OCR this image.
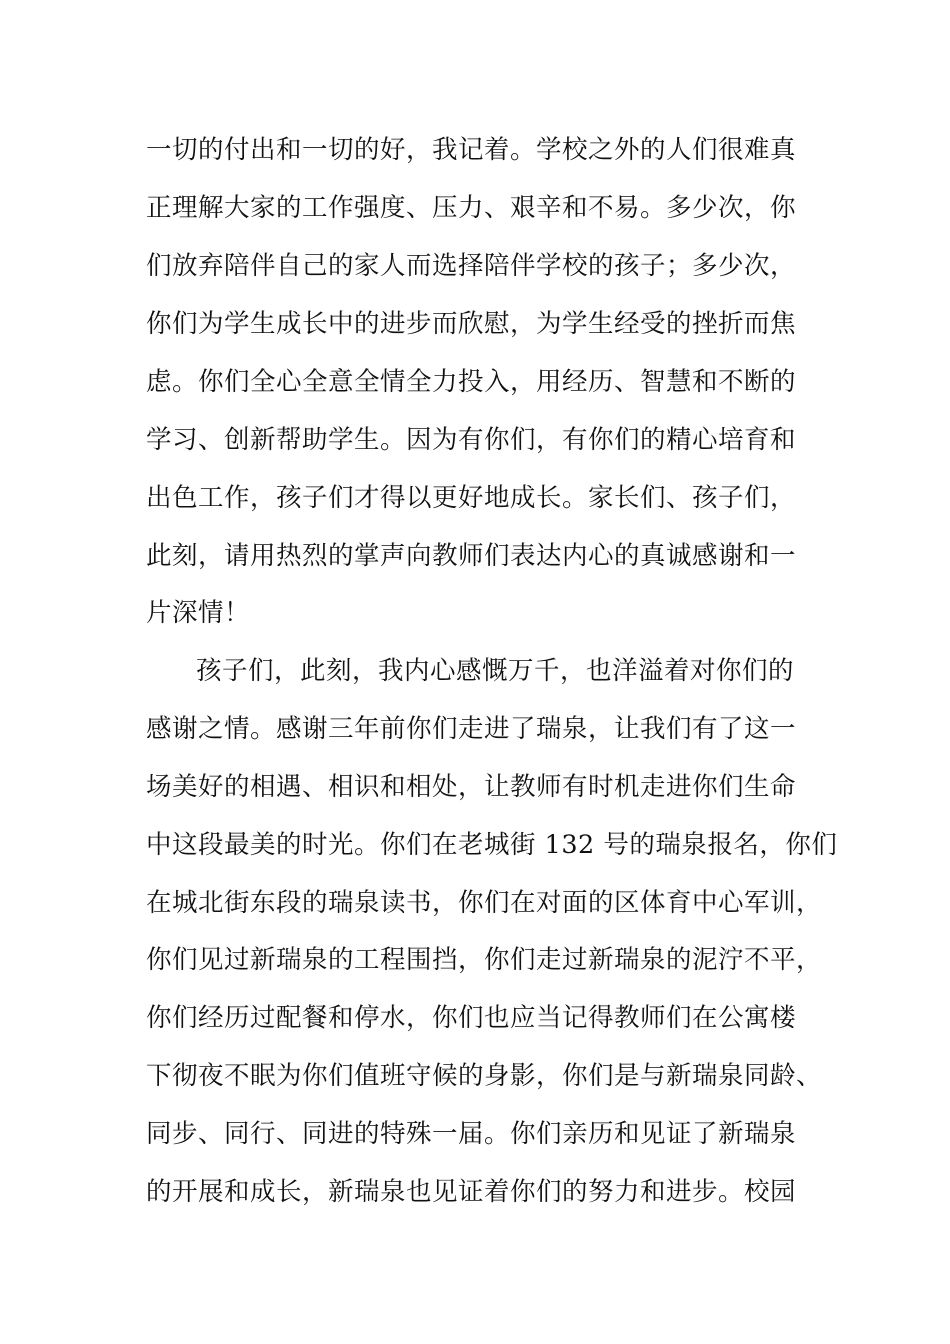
一切的付出和一切的好，我记着。学校之外的人们很难真
正理解大家的工作强度、压力、艰辛和不易。多少次，你
们放弃陪伴自己的家人而选择陪伴学校的孩子；多少次，
你们为学生成长中的进步而欣慰，为学生经受的挫折而焦
虑。你们全心全意全情全力投入，用经历、智慧和不断的
学习、创新帮助学生。因为有你们，有你们的精心培育和
出色工作，孩子们才得以更好地成长。家长们、孩子们，
此刻，请用热烈的掌声向教师们表达内心的真诚感谢和一
片深情！
孩子们，此刻，我内心感慨万千，也洋溢着对你们的
感谢之情。感谢三年前你们走进了瑞泉，让我们有了这一
场美好的相遇、相识和相处，让教师有时机走进你们生命
中这段最美的时光。你们在老城街 132 号的瑞泉报名，你们
在城北街东段的瑞泉读书，你们在对面的区体育中心军训，
你们见过新瑞泉的工程围挡，你们走过新瑞泉的泥泞不平，
你们经历过配餐和停水，你们也应当记得教师们在公寓楼
下彻夜不眠为你们值班守候的身影，你们是与新瑞泉同龄、
同步、同行、同进的特殊一届。你们亲历和见证了新瑞泉
的开展和成长，新瑞泉也见证着你们的努力和进步。校园
